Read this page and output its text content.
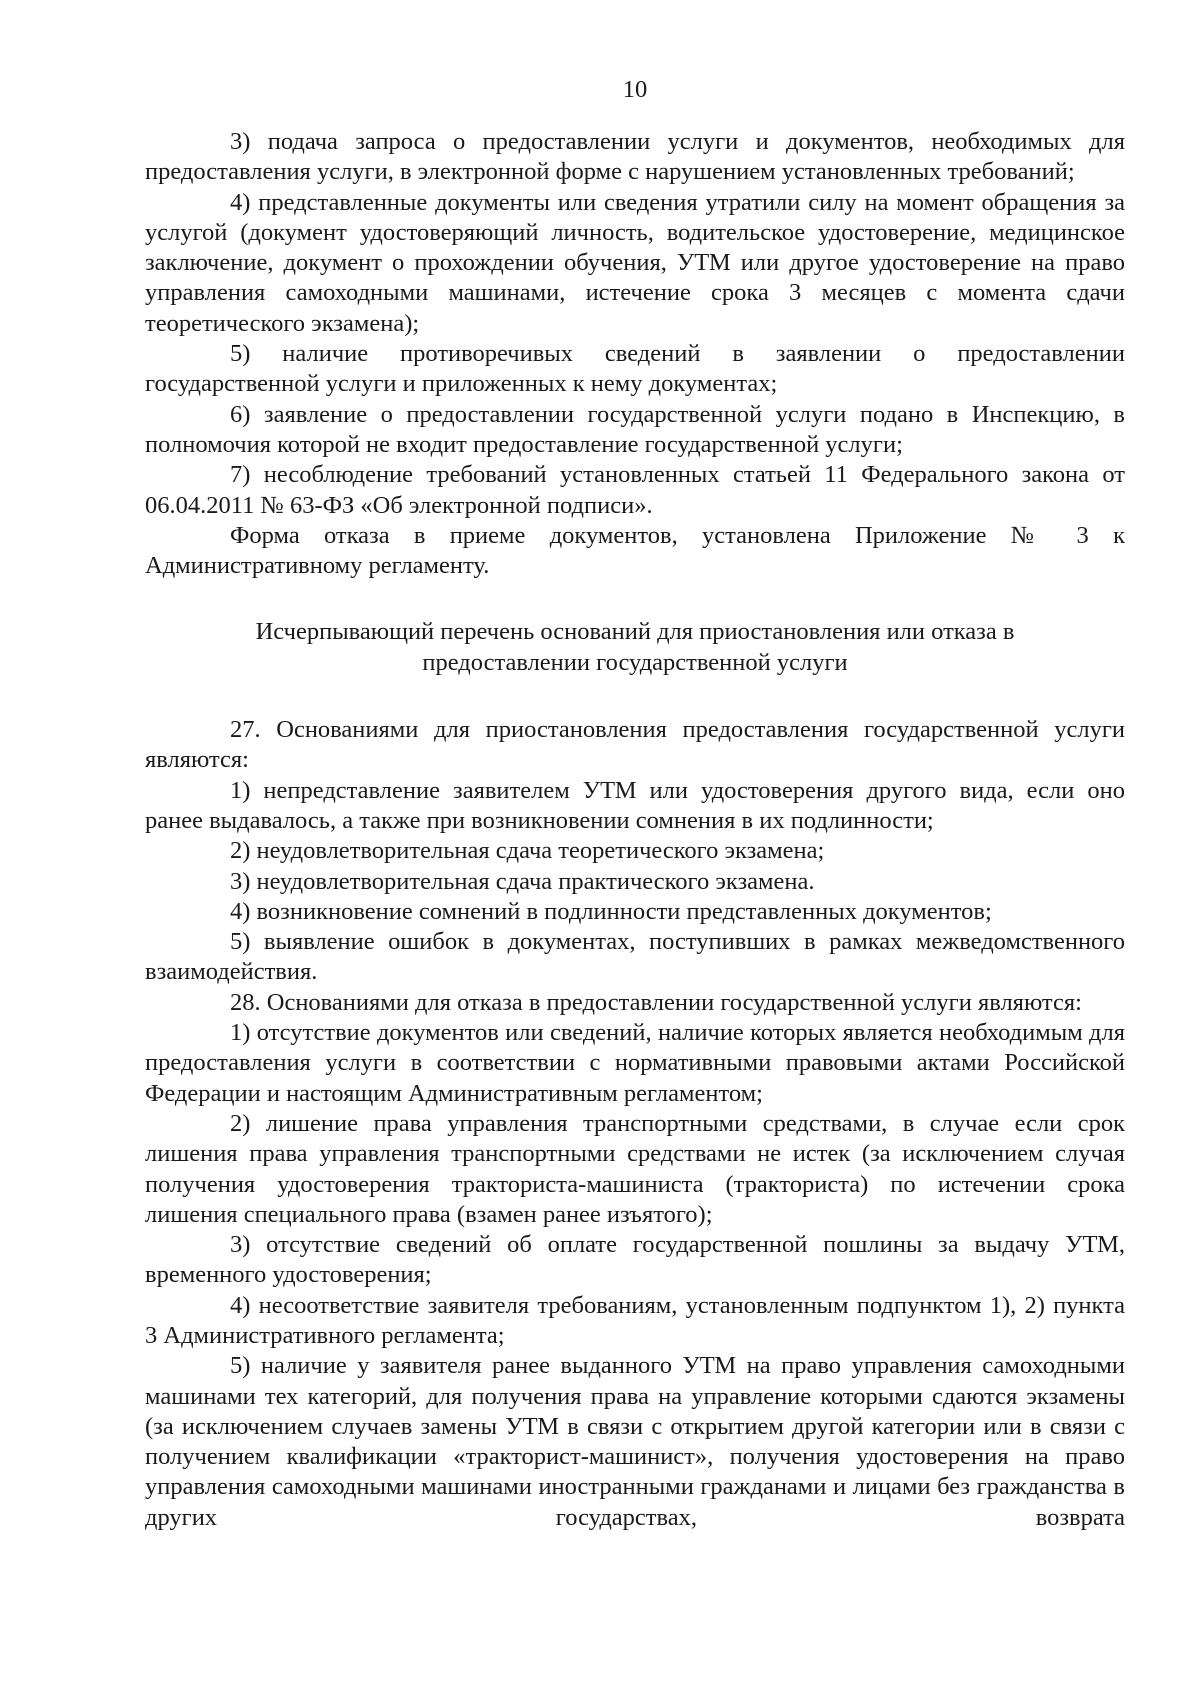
10

3) подача запроса о предоставлении услуги и документов, необходимых для предоставления услуги, в электронной форме с нарушением установленных требований;

4) представленные документы или сведения утратили силу на момент обращения за услугой (документ удостоверяющий личность, водительское удостоверение, медицинское заключение, документ о прохождении обучения, УТМ или другое удостоверение на право управления самоходными машинами, истечение срока 3 месяцев с момента сдачи теоретического экзамена);

5) наличие противоречивых сведений в заявлении о предоставлении государственной услуги и приложенных к нему документах;

6) заявление о предоставлении государственной услуги подано в Инспекцию, в полномочия которой не входит предоставление государственной услуги;

7) несоблюдение требований установленных статьей 11 Федерального закона от 06.04.2011 № 63-ФЗ «Об электронной подписи».

Форма отказа в приеме документов, установлена Приложение № 3 к Административному регламенту.

Исчерпывающий перечень оснований для приостановления или отказа в
предоставлении государственной услуги

27. Основаниями для приостановления предоставления государственной услуги являются:

1) непредставление заявителем УТМ или удостоверения другого вида, если оно ранее выдавалось, а также при возникновении сомнения в их подлинности;

2) неудовлетворительная сдача теоретического экзамена;

3) неудовлетворительная сдача практического экзамена.

4) возникновение сомнений в подлинности представленных документов;

5) выявление ошибок в документах, поступивших в рамках межведомственного взаимодействия.

28. Основаниями для отказа в предоставлении государственной услуги являются:

1) отсутствие документов или сведений, наличие которых является необходимым для предоставления услуги в соответствии с нормативными правовыми актами Российской Федерации и настоящим Административным регламентом;

2) лишение права управления транспортными средствами, в случае если срок лишения права управления транспортными средствами не истек (за исключением случая получения удостоверения тракториста-машиниста (тракториста) по истечении срока лишения специального права (взамен ранее изъятого);

3) отсутствие сведений об оплате государственной пошлины за выдачу УТМ, временного удостоверения;

4) несоответствие заявителя требованиям, установленным подпунктом 1), 2) пункта 3 Административного регламента;

5) наличие у заявителя ранее выданного УТМ на право управления самоходными машинами тех категорий, для получения права на управление которыми сдаются экзамены (за исключением случаев замены УТМ в связи с открытием другой категории или в связи с получением квалификации «тракторист-машинист», получения удостоверения на право управления самоходными машинами иностранными гражданами и лицами без гражданства в других государствах, возврата
